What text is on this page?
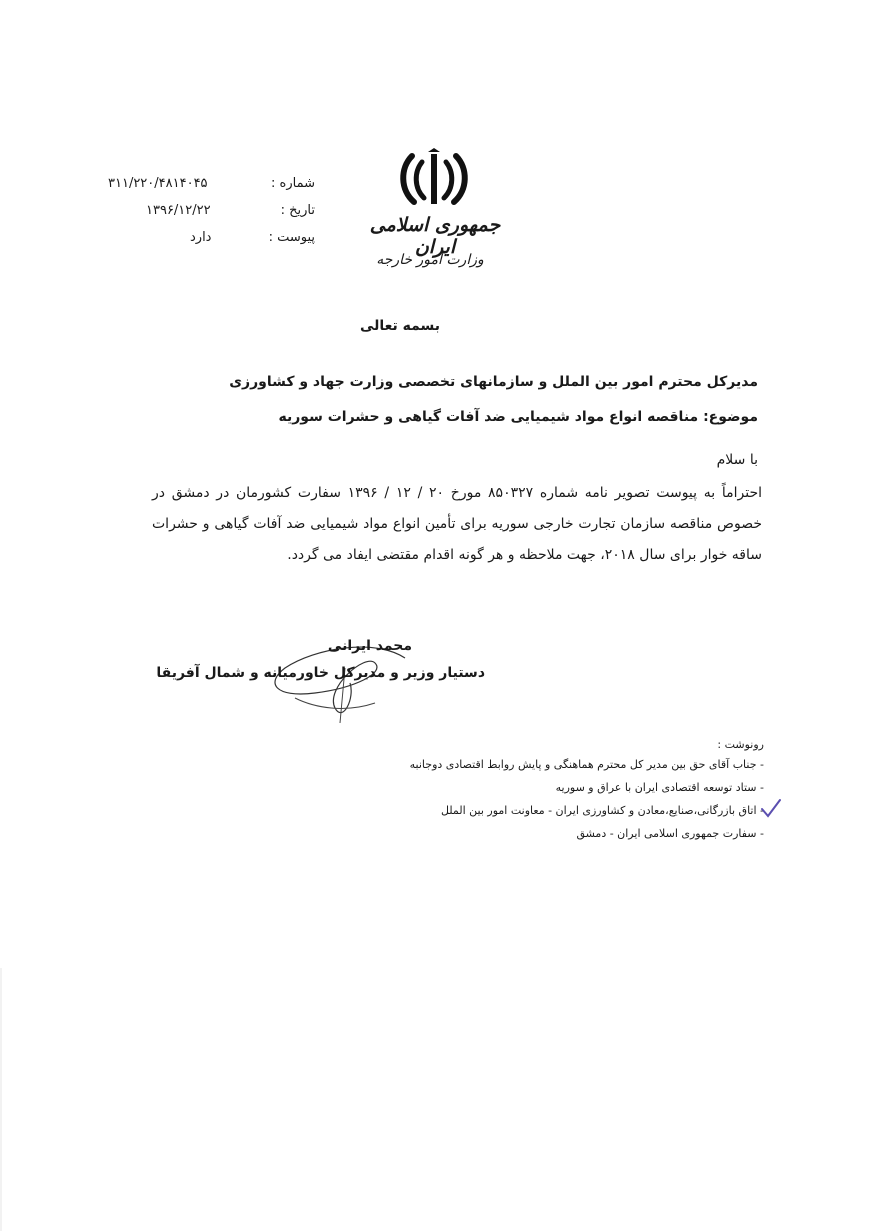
جمهوری اسلامی ایران
وزارت امور خارجه
شماره :
۳۱۱/۲۲۰/۴۸۱۴۰۴۵
تاریخ :
۱۳۹۶/۱۲/۲۲
پیوست :
دارد
بسمه تعالی
مدیرکل محترم امور بین الملل و سازمانهای تخصصی وزارت جهاد و کشاورزی
موضوع: مناقصه انواع مواد شیمیایی ضد آفات گیاهی و حشرات سوریه
با سلام
احتراماً به پیوست تصویر نامه شماره ۸۵۰۳۲۷ مورخ ۲۰ / ۱۲ / ۱۳۹۶ سفارت کشورمان در دمشق در خصوص مناقصه سازمان تجارت خارجی سوریه برای تأمین انواع مواد شیمیایی ضد آفات گیاهی و حشرات ساقه خوار برای سال ۲۰۱۸، جهت ملاحظه و هر گونه اقدام مقتضی ایفاد می گردد.
محمد ایرانی
دستیار وزیر و مدیرکل خاورمیانه و شمال آفریقا
رونوشت :
- جناب آقای حق بین مدیر کل محترم هماهنگی و پایش روابط اقتصادی دوجانبه
- ستاد توسعه اقتصادی ایران با عراق و سوریه
- اتاق بازرگانی،صنایع،معادن و کشاورزی ایران - معاونت امور بین الملل
- سفارت جمهوری اسلامی ایران - دمشق
